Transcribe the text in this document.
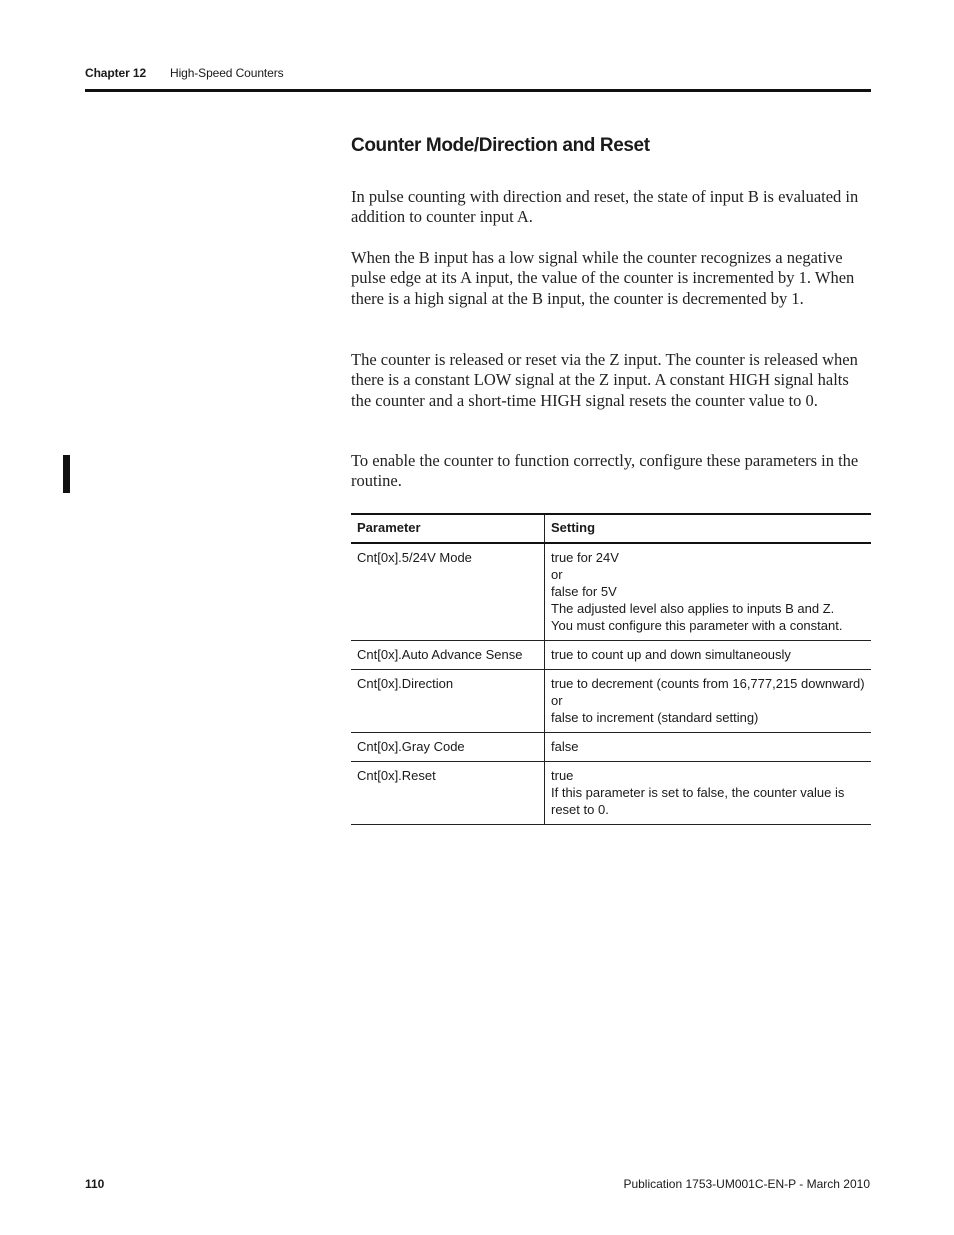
Chapter 12 High-Speed Counters
Counter Mode/Direction and Reset

In pulse counting with direction and reset, the state of input B is evaluated in addition to counter input A.

When the B input has a low signal while the counter recognizes a negative pulse edge at its A input, the value of the counter is incremented by 1. When there is a high signal at the B input, the counter is decremented by 1.

The counter is released or reset via the Z input. The counter is released when there is a constant LOW signal at the Z input. A constant HIGH signal halts the counter and a short-time HIGH signal resets the counter value to 0.

To enable the counter to function correctly, configure these parameters in the routine.

Parameter	Setting
Cnt[0x].5/24V Mode	true for 24V
or
false for 5V
The adjusted level also applies to inputs B and Z.
You must configure this parameter with a constant.

Cnt[0x].Auto Advance Sense	true to count up and down simultaneously

Cnt[0x].Direction	true to decrement (counts from 16,777,215 downward)
or
false to increment (standard setting)

Cnt[0x].Gray Code	false

Cnt[0x].Reset	true
If this parameter is set to false, the counter value is reset to 0.
110	Publication 1753-UM001C-EN-P - March 2010
